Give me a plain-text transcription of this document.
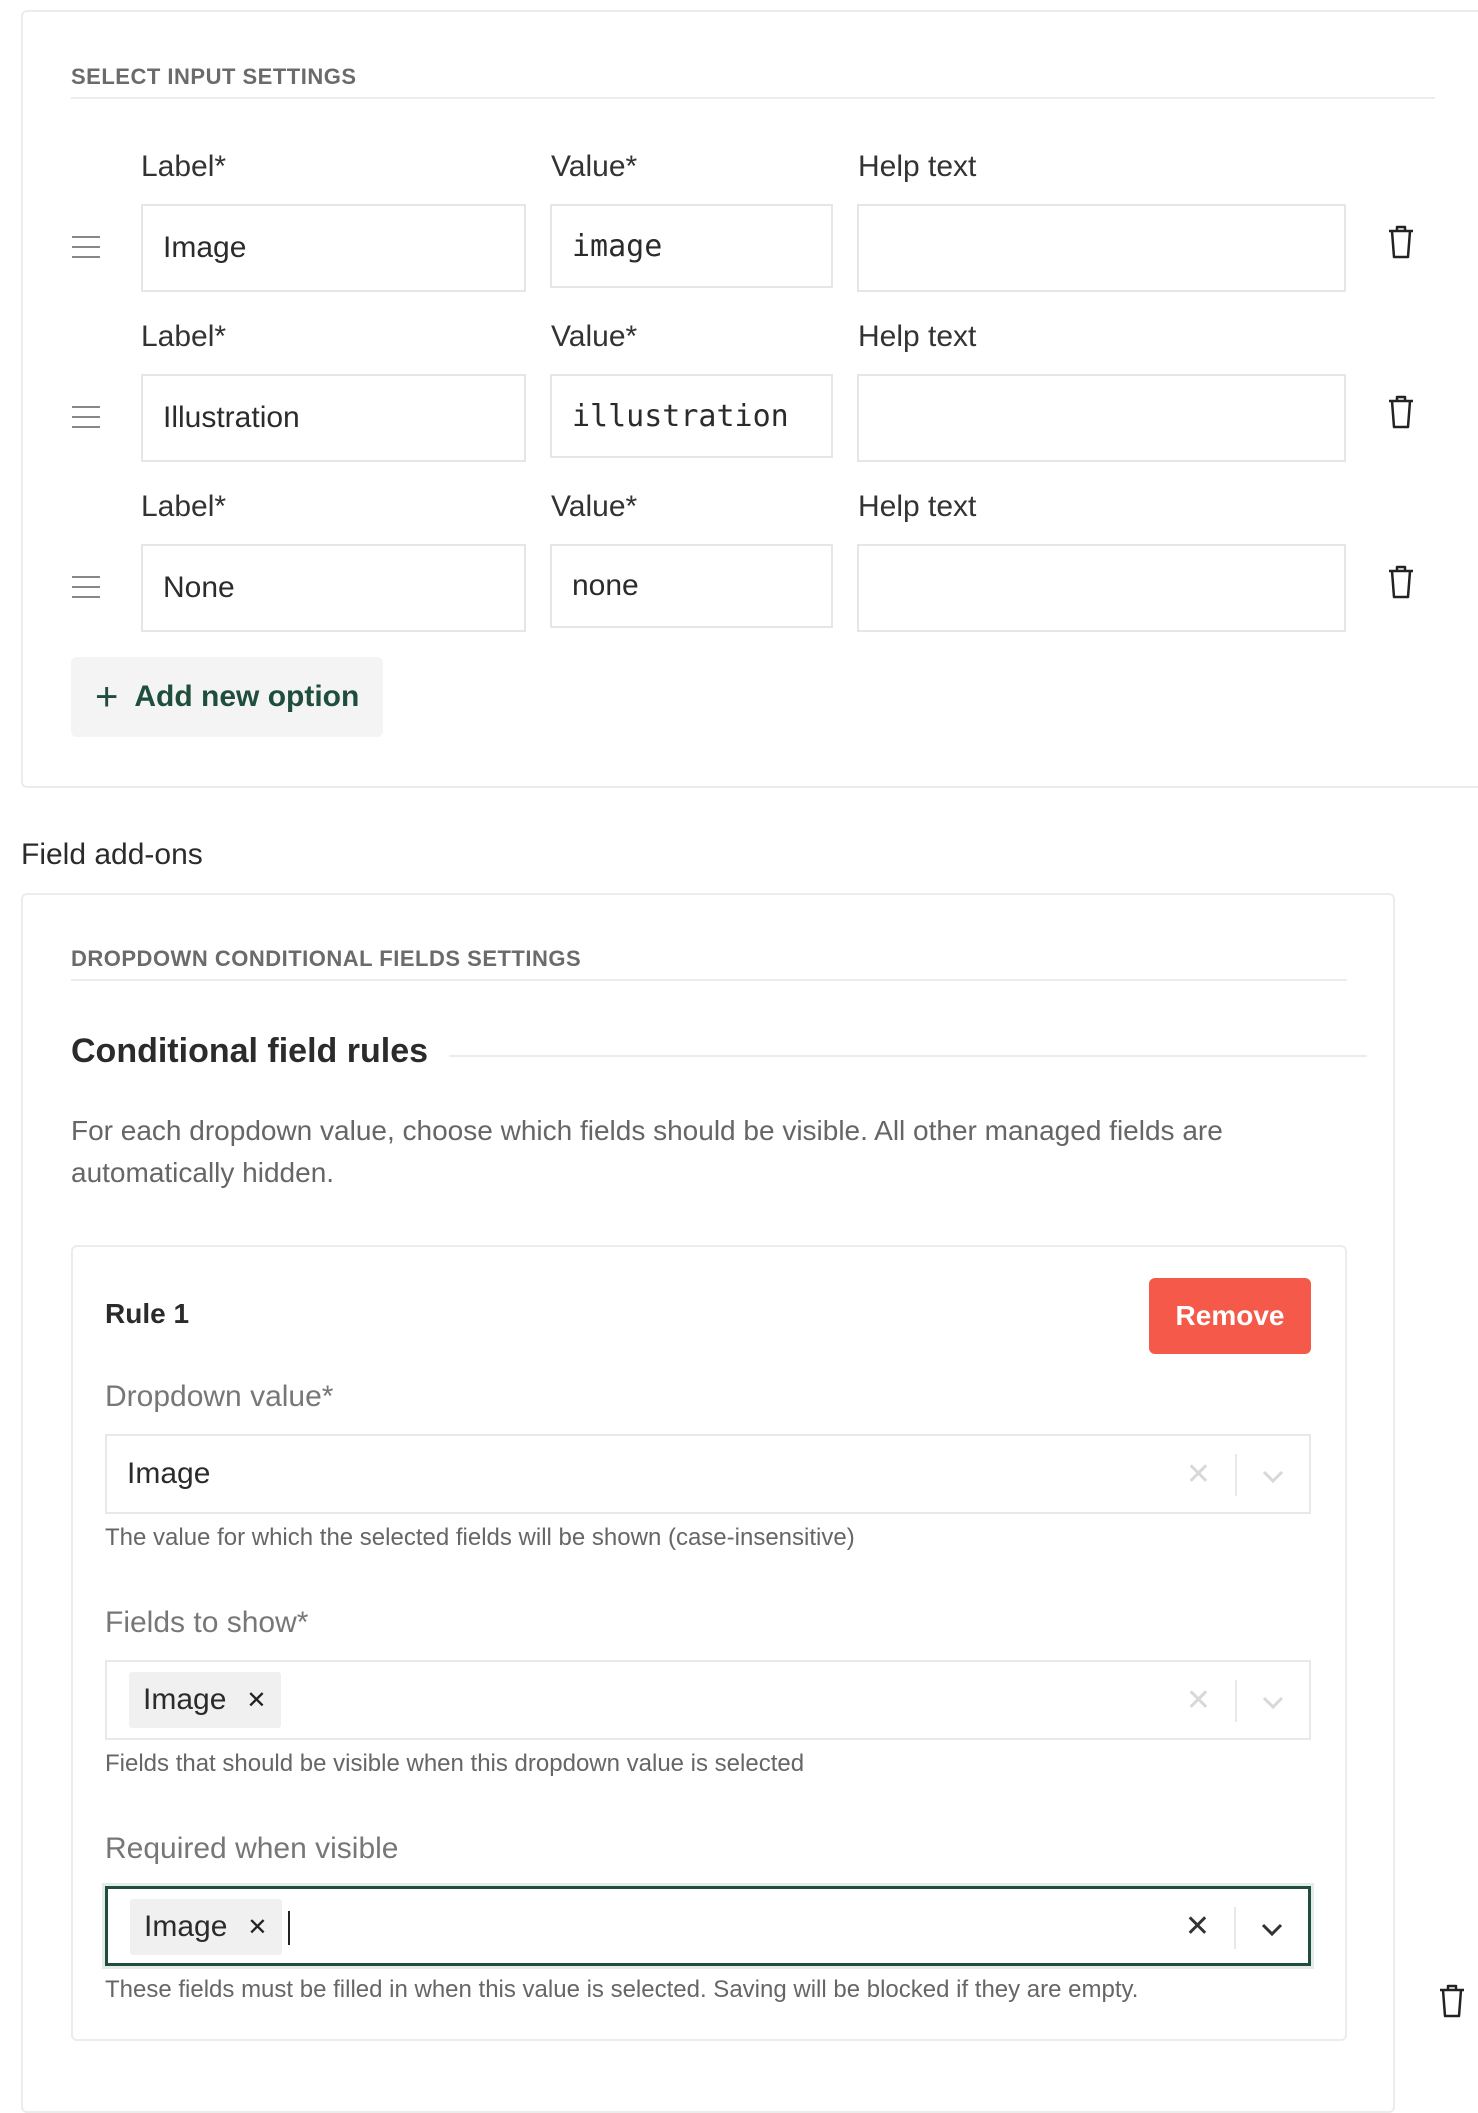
SELECT INPUT SETTINGS
Label*	Value*	Help text
Image	image
Label*	Value*	Help text
Illustration	illustration
Label*	Value*	Help text
None	none
+ Add new option
Field add-ons
DROPDOWN CONDITIONAL FIELDS SETTINGS
Conditional field rules
For each dropdown value, choose which fields should be visible. All other managed fields are automatically hidden.
Rule 1	Remove
Dropdown value*
Image	✕
The value for which the selected fields will be shown (case-insensitive)
Fields to show*
Image ✕	✕
Fields that should be visible when this dropdown value is selected
Required when visible
Image ✕	✕
These fields must be filled in when this value is selected. Saving will be blocked if they are empty.
